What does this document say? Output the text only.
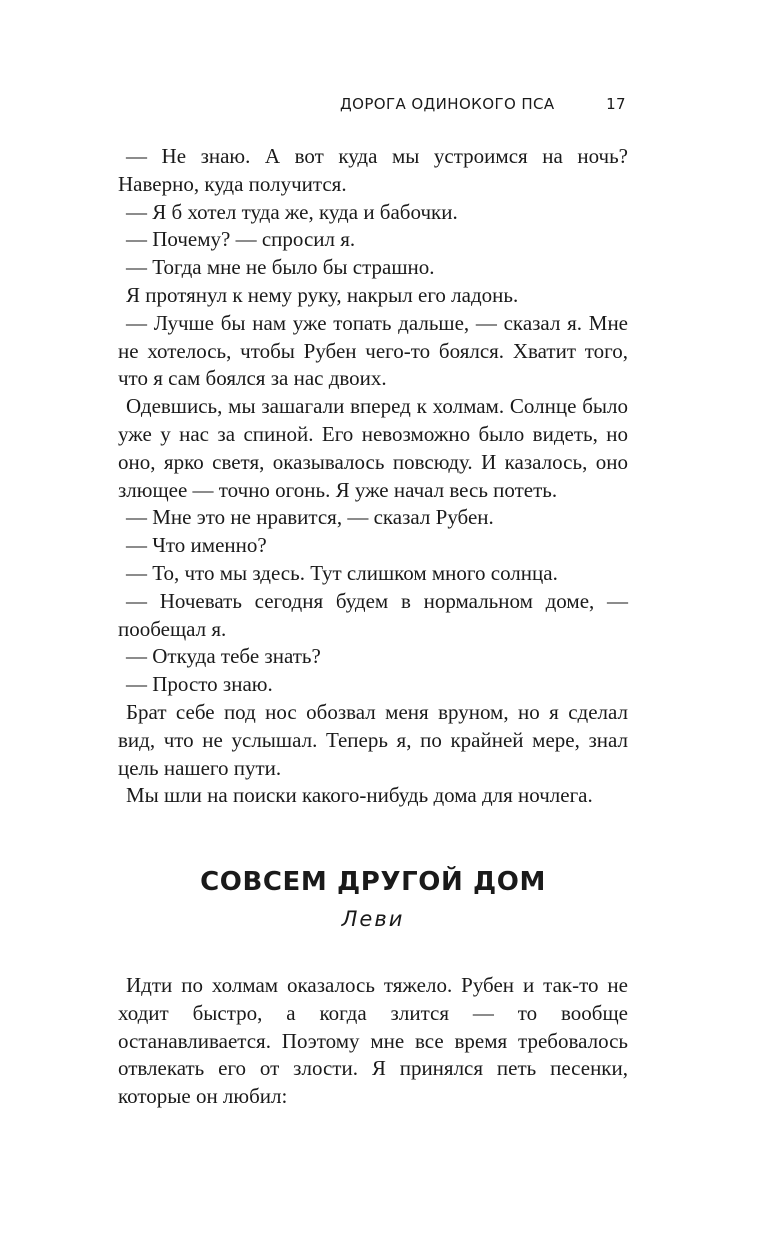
ДОРОГА ОДИНОКОГО ПСА	17

— Не знаю. А вот куда мы устроимся на ночь? Наверно, куда получится.

— Я б хотел туда же, куда и бабочки.

— Почему? — спросил я.

— Тогда мне не было бы страшно.

Я протянул к нему руку, накрыл его ладонь.

— Лучше бы нам уже топать дальше, — сказал я. Мне не хотелось, чтобы Рубен чего-то боялся. Хватит того, что я сам боялся за нас двоих.

Одевшись, мы зашагали вперед к холмам. Солнце было уже у нас за спиной. Его невозможно было видеть, но оно, ярко светя, оказывалось повсюду. И казалось, оно злющее — точно огонь. Я уже начал весь потеть.

— Мне это не нравится, — сказал Рубен.

— Что именно?

— То, что мы здесь. Тут слишком много солнца.

— Ночевать сегодня будем в нормальном доме, — пообещал я.

— Откуда тебе знать?

— Просто знаю.

Брат себе под нос обозвал меня вруном, но я сделал вид, что не услышал. Теперь я, по крайней мере, знал цель нашего пути.

Мы шли на поиски какого-нибудь дома для ночлега.

СОВСЕМ ДРУГОЙ ДОМ
Леви

Идти по холмам оказалось тяжело. Рубен и так-то не ходит быстро, а когда злится — то вообще останавливается. Поэтому мне все время требовалось отвлекать его от злости. Я принялся петь песенки, которые он любил:
